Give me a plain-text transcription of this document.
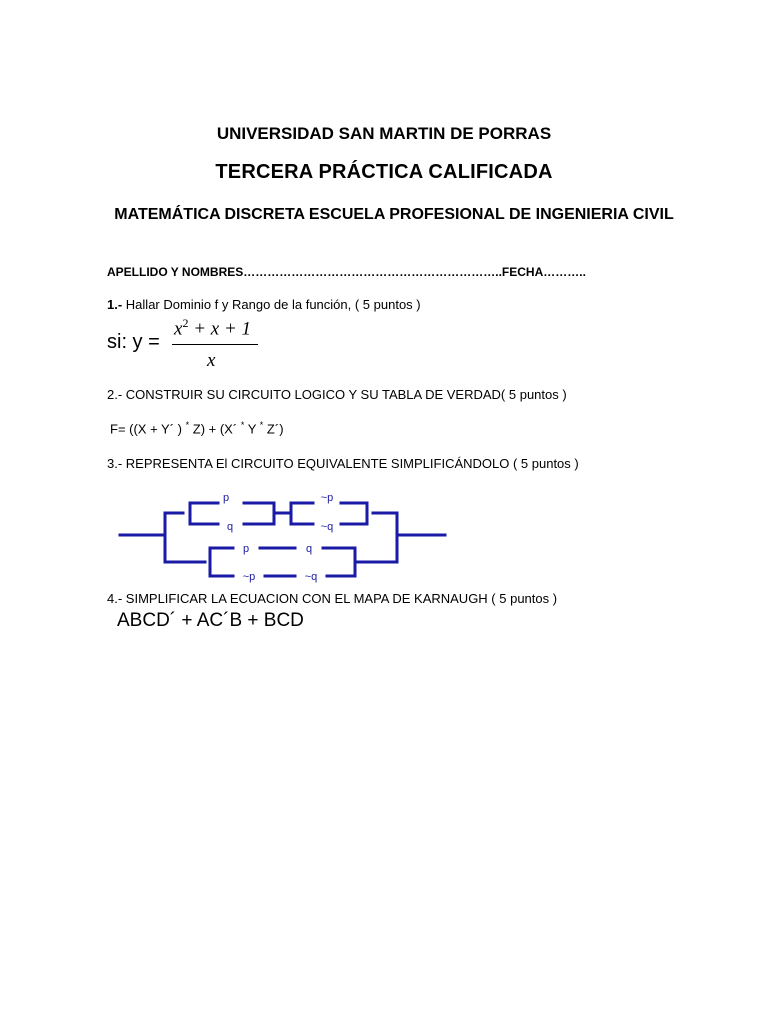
UNIVERSIDAD SAN MARTIN DE PORRAS
TERCERA PRÁCTICA CALIFICADA
MATEMÁTICA DISCRETA ESCUELA PROFESIONAL DE INGENIERIA CIVIL
APELLIDO Y NOMBRES………………………………………………………..FECHA………..
1.- Hallar Dominio f y Rango de la función, ( 5 puntos )
si: y =
$x^2 + x + 1$
x
2.- CONSTRUIR SU CIRCUITO LOGICO Y SU TABLA DE VERDAD( 5 puntos )
F= ((X + Y´ ) * Z) + (X´ * Y * Z´)
3.- REPRESENTA El CIRCUITO EQUIVALENTE SIMPLIFICÁNDOLO ( 5 puntos )
p
q
~p
~q
p	q
~p	~q
4.- SIMPLIFICAR LA ECUACION CON EL MAPA DE KARNAUGH ( 5 puntos )
ABCD´ + AC´B + BCD
